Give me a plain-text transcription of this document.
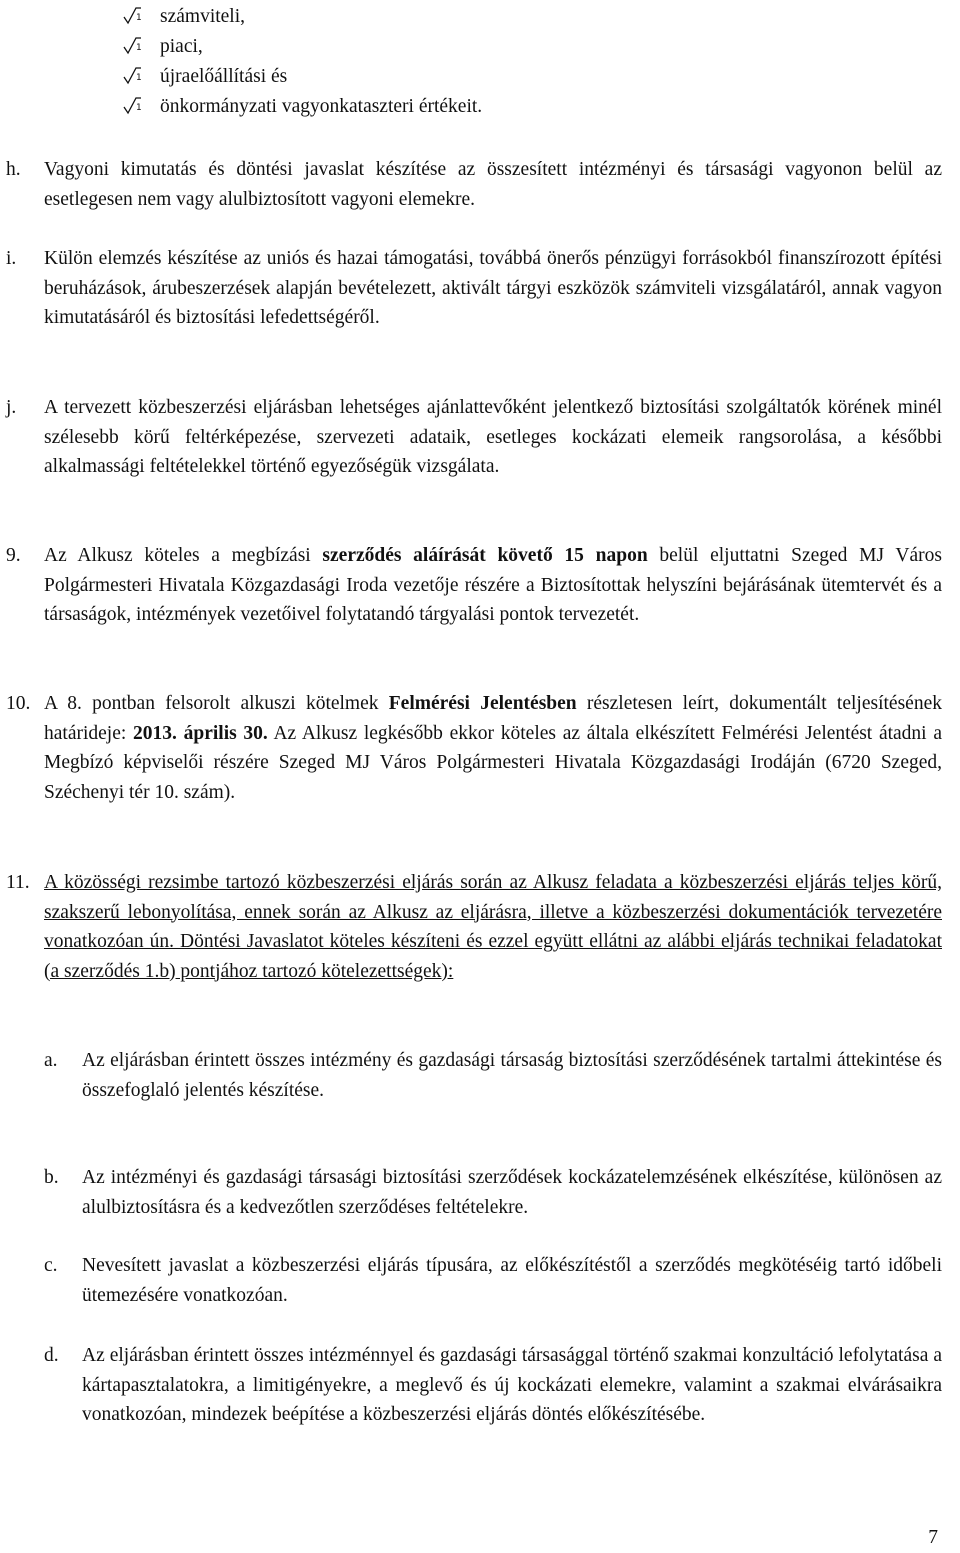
1 számviteli,
1 piaci,
1 újraelőállítási és
1 önkormányzati vagyonkataszteri értékeit.
h. Vagyoni kimutatás és döntési javaslat készítése az összesített intézményi és társasági vagyonon belül az esetlegesen nem vagy alulbiztosított vagyoni elemekre.
i. Külön elemzés készítése az uniós és hazai támogatási, továbbá önerős pénzügyi forrásokból finanszírozott építési beruházások, árubeszerzések alapján bevételezett, aktivált tárgyi eszközök számviteli vizsgálatáról, annak vagyon kimutatásáról és biztosítási lefedettségéről.
j. A tervezett közbeszerzési eljárásban lehetséges ajánlattevőként jelentkező biztosítási szolgáltatók körének minél szélesebb körű feltérképezése, szervezeti adataik, esetleges kockázati elemeik rangsorolása, a későbbi alkalmassági feltételekkel történő egyezőségük vizsgálata.
9. Az Alkusz köteles a megbízási szerződés aláírását követő 15 napon belül eljuttatni Szeged MJ Város Polgármesteri Hivatala Közgazdasági Iroda vezetője részére a Biztosítottak helyszíni bejárásának ütemtervét és a társaságok, intézmények vezetőivel folytatandó tárgyalási pontok tervezetét.
10. A 8. pontban felsorolt alkuszi kötelmek Felmérési Jelentésben részletesen leírt, dokumentált teljesítésének határideje: 2013. április 30. Az Alkusz legkésőbb ekkor köteles az általa elkészített Felmérési Jelentést átadni a Megbízó képviselői részére Szeged MJ Város Polgármesteri Hivatala Közgazdasági Irodáján (6720 Szeged, Széchenyi tér 10. szám).
11. A közösségi rezsimbe tartozó közbeszerzési eljárás során az Alkusz feladata a közbeszerzési eljárás teljes körű, szakszerű lebonyolítása, ennek során az Alkusz az eljárásra, illetve a közbeszerzési dokumentációk tervezetére vonatkozóan ún. Döntési Javaslatot köteles készíteni és ezzel együtt ellátni az alábbi eljárás technikai feladatokat (a szerződés 1.b) pontjához tartozó kötelezettségek):
a. Az eljárásban érintett összes intézmény és gazdasági társaság biztosítási szerződésének tartalmi áttekintése és összefoglaló jelentés készítése.
b. Az intézményi és gazdasági társasági biztosítási szerződések kockázatelemzésének elkészítése, különösen az alulbiztosításra és a kedvezőtlen szerződéses feltételekre.
c. Nevesített javaslat a közbeszerzési eljárás típusára, az előkészítéstől a szerződés megkötéséig tartó időbeli ütemezésére vonatkozóan.
d. Az eljárásban érintett összes intézménnyel és gazdasági társasággal történő szakmai konzultáció lefolytatása a kártapasztalatokra, a limitigényekre, a meglevő és új kockázati elemekre, valamint a szakmai elvárásaikra vonatkozóan, mindezek beépítése a közbeszerzési eljárás döntés előkészítésébe.
7
